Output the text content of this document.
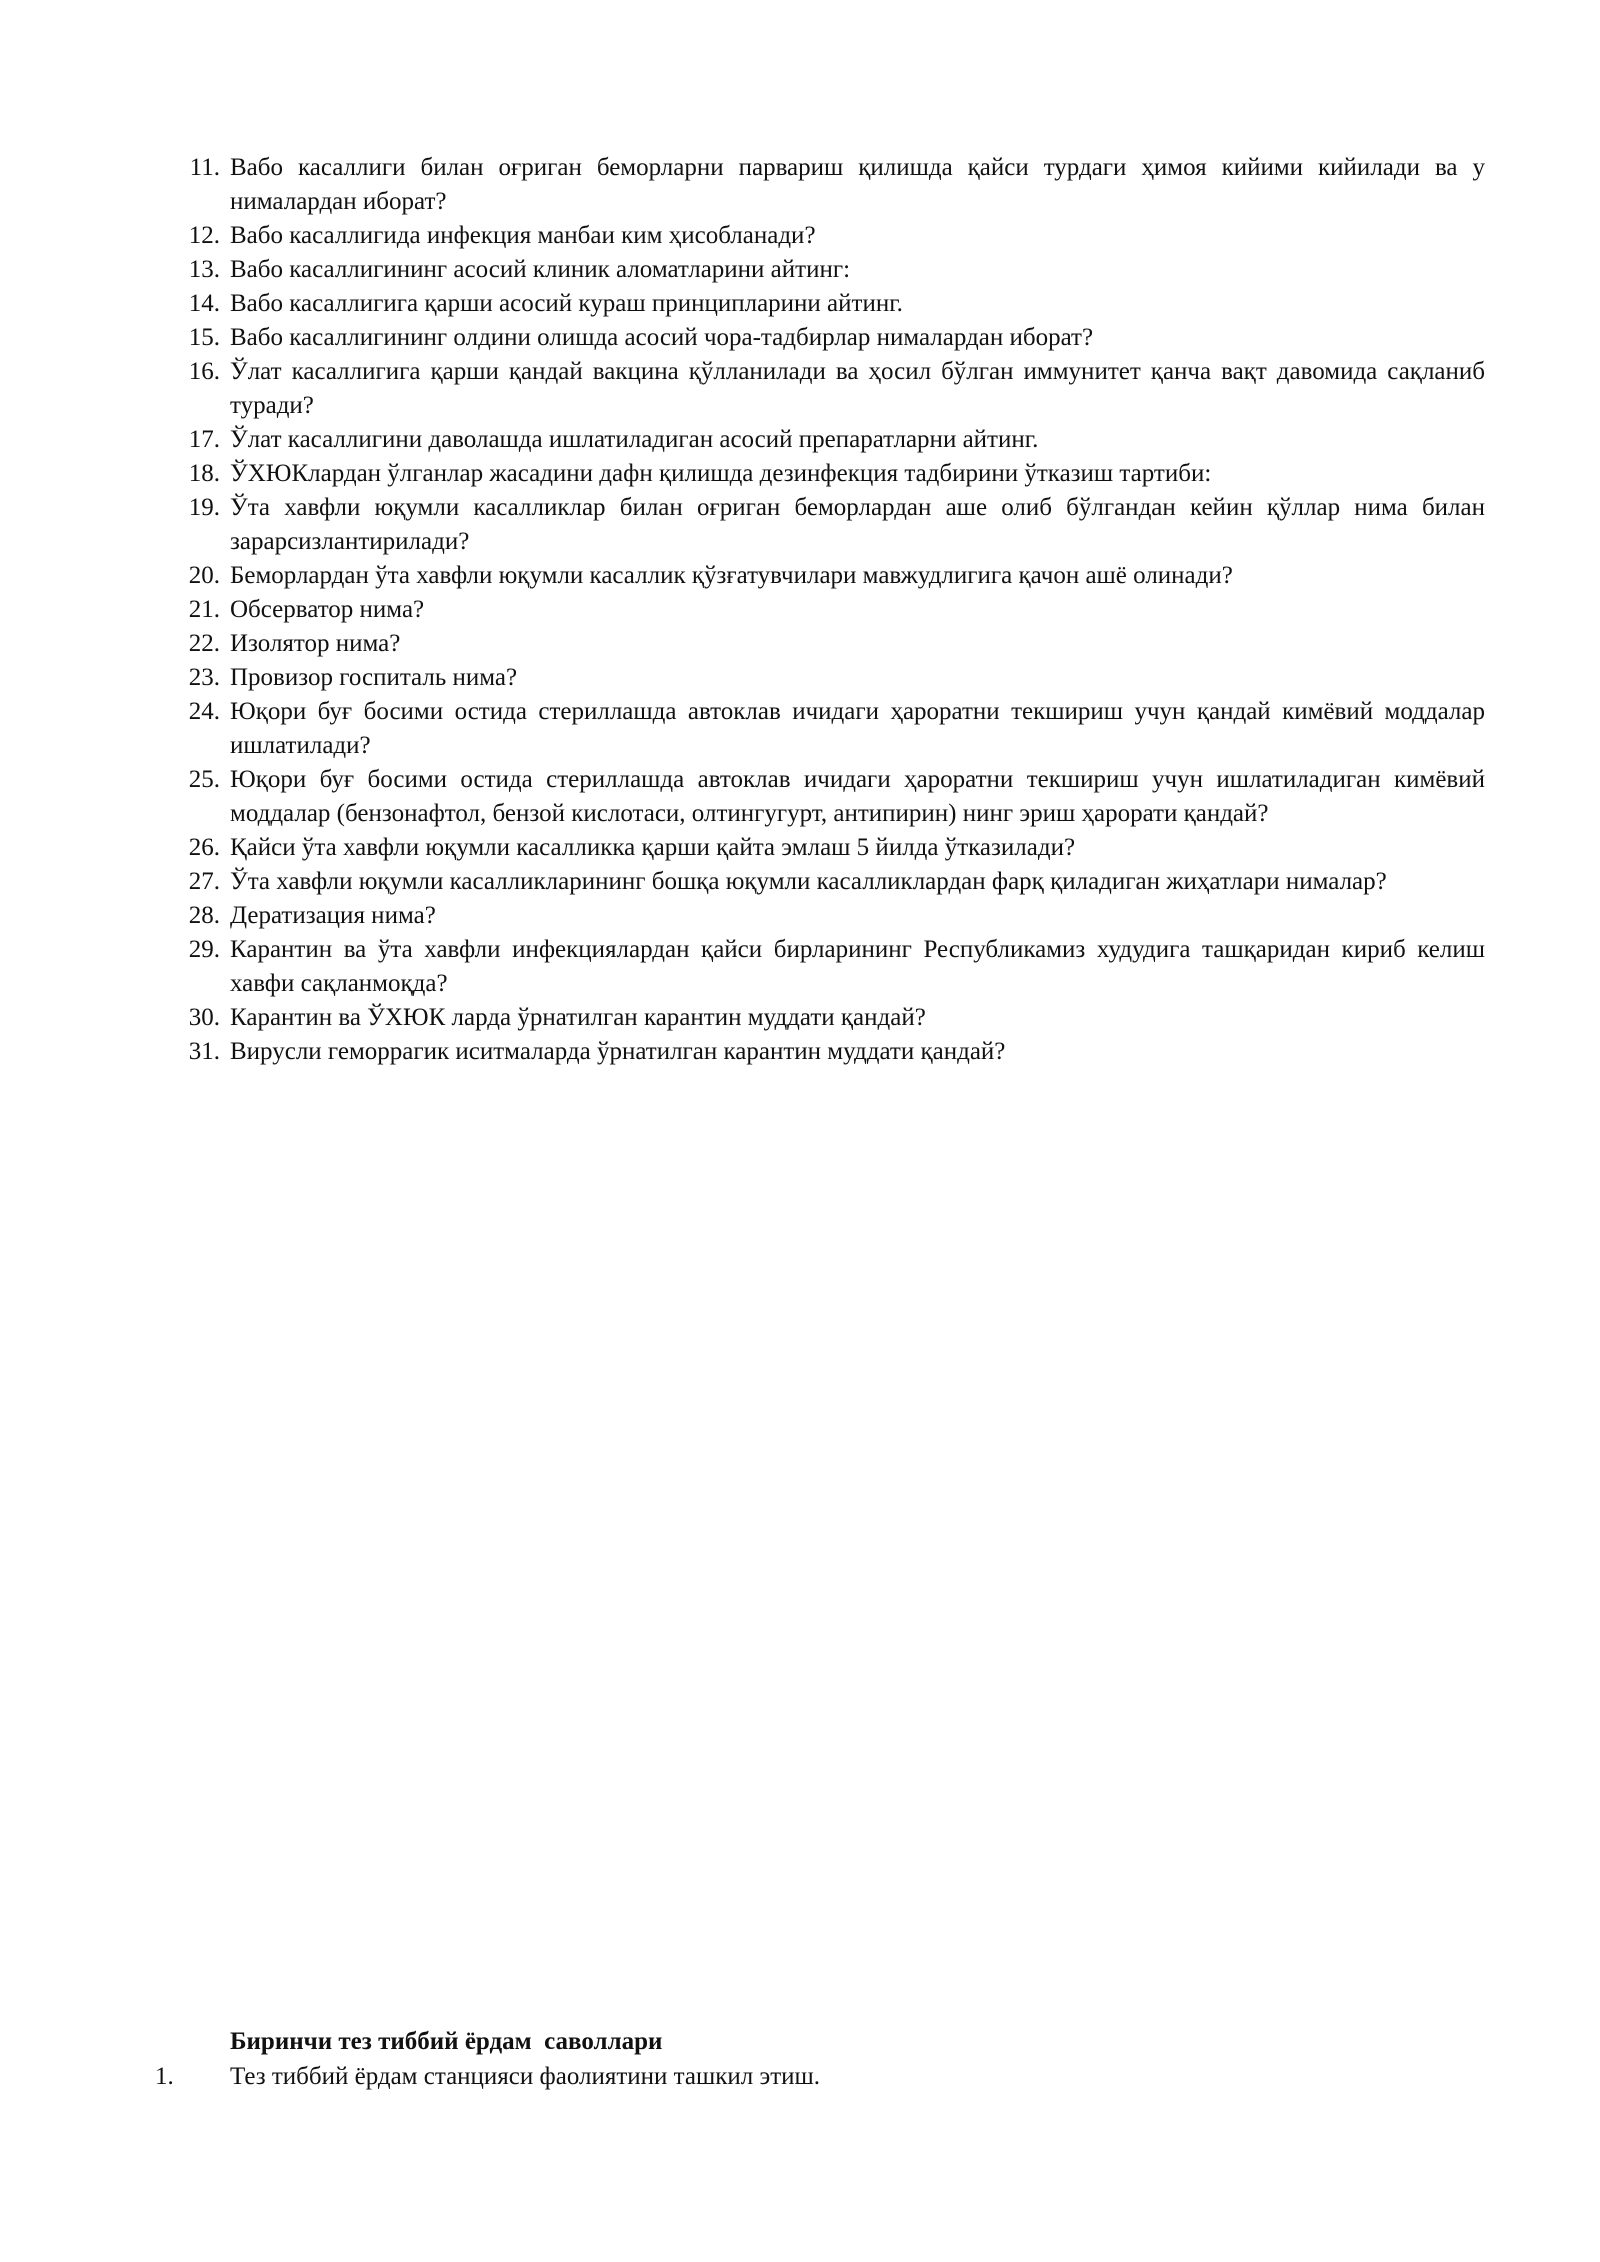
11. Вабо касаллиги билан оғриган беморларни парвариш қилишда қайси турдаги ҳимоя кийими кийилади ва у нималардан иборат?
12. Вабо касаллигида инфекция манбаи ким ҳисобланади?
13. Вабо касаллигининг асосий клиник аломатларини айтинг:
14. Вабо касаллигига қарши асосий кураш принципларини айтинг.
15. Вабо касаллигининг олдини олишда асосий чора-тадбирлар нималардан иборат?
16. Ўлат касаллигига қарши қандай вакцина қўлланилади ва ҳосил бўлган иммунитет қанча вақт давомида сақланиб туради?
17. Ўлат касаллигини даволашда ишлатиладиган асосий препаратларни айтинг.
18. ЎХЮКлардан ўлганлар жасадини дафн қилишда дезинфекция тадбирини ўтказиш тартиби:
19. Ўта хавфли юқумли касалликлар билан оғриган беморлардан аше олиб бўлгандан кейин қўллар нима билан зарарсизлантирилади?
20. Беморлардан ўта хавфли юқумли касаллик қўзғатувчилари мавжудлигига қачон ашё олинади?
21. Обсерватор нима?
22. Изолятор нима?
23. Провизор госпиталь нима?
24. Юқори буғ босими остида стериллашда автоклав ичидаги ҳароратни текшириш учун қандай кимёвий моддалар ишлатилади?
25. Юқори буғ босими остида стериллашда автоклав ичидаги ҳароратни текшириш учун ишлатиладиган кимёвий моддалар (бензонафтол, бензой кислотаси, олтингугурт, антипирин) нинг эриш ҳарорати қандай?
26. Қайси ўта хавфли юқумли касалликка қарши қайта эмлаш 5 йилда ўтказилади?
27. Ўта хавфли юқумли касалликларининг бошқа юқумли касалликлардан фарқ қиладиган жиҳатлари нималар?
28. Дератизация нима?
29. Карантин ва ўта хавфли инфекциялардан қайси бирларининг Республикамиз худудига ташқаридан кириб келиш хавфи сақланмоқда?
30. Карантин ва ЎХЮК ларда ўрнатилган карантин муддати қандай?
31. Вирусли геморрагик иситмаларда ўрнатилган карантин муддати қандай?
Биринчи тез тиббий ёрдам  саволлари
1. Тез тиббий ёрдам станцияси фаолиятини ташкил этиш.
